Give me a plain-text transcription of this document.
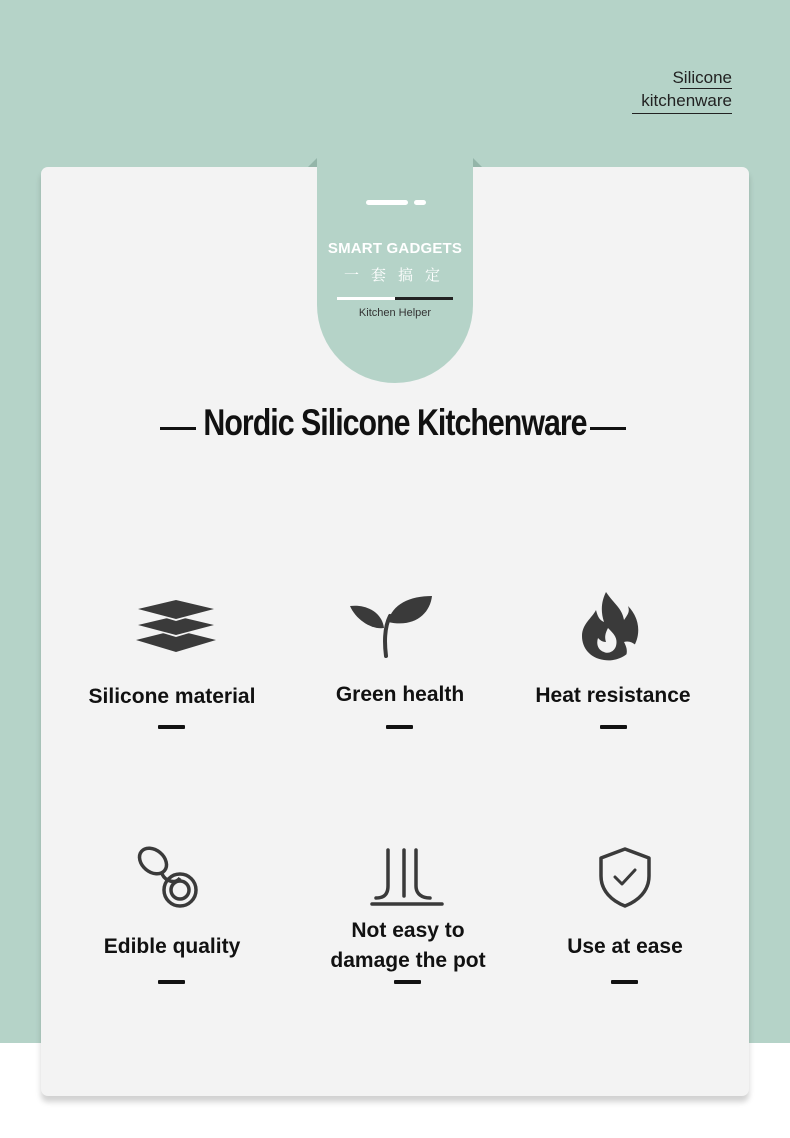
Silicone
kitchenware
SMART GADGETS
一套搞定
Kitchen Helper
Nordic Silicone Kitchenware
Silicone material	Green health	Heat resistance
Edible quality
Not easy to
damage the pot
Use at ease
